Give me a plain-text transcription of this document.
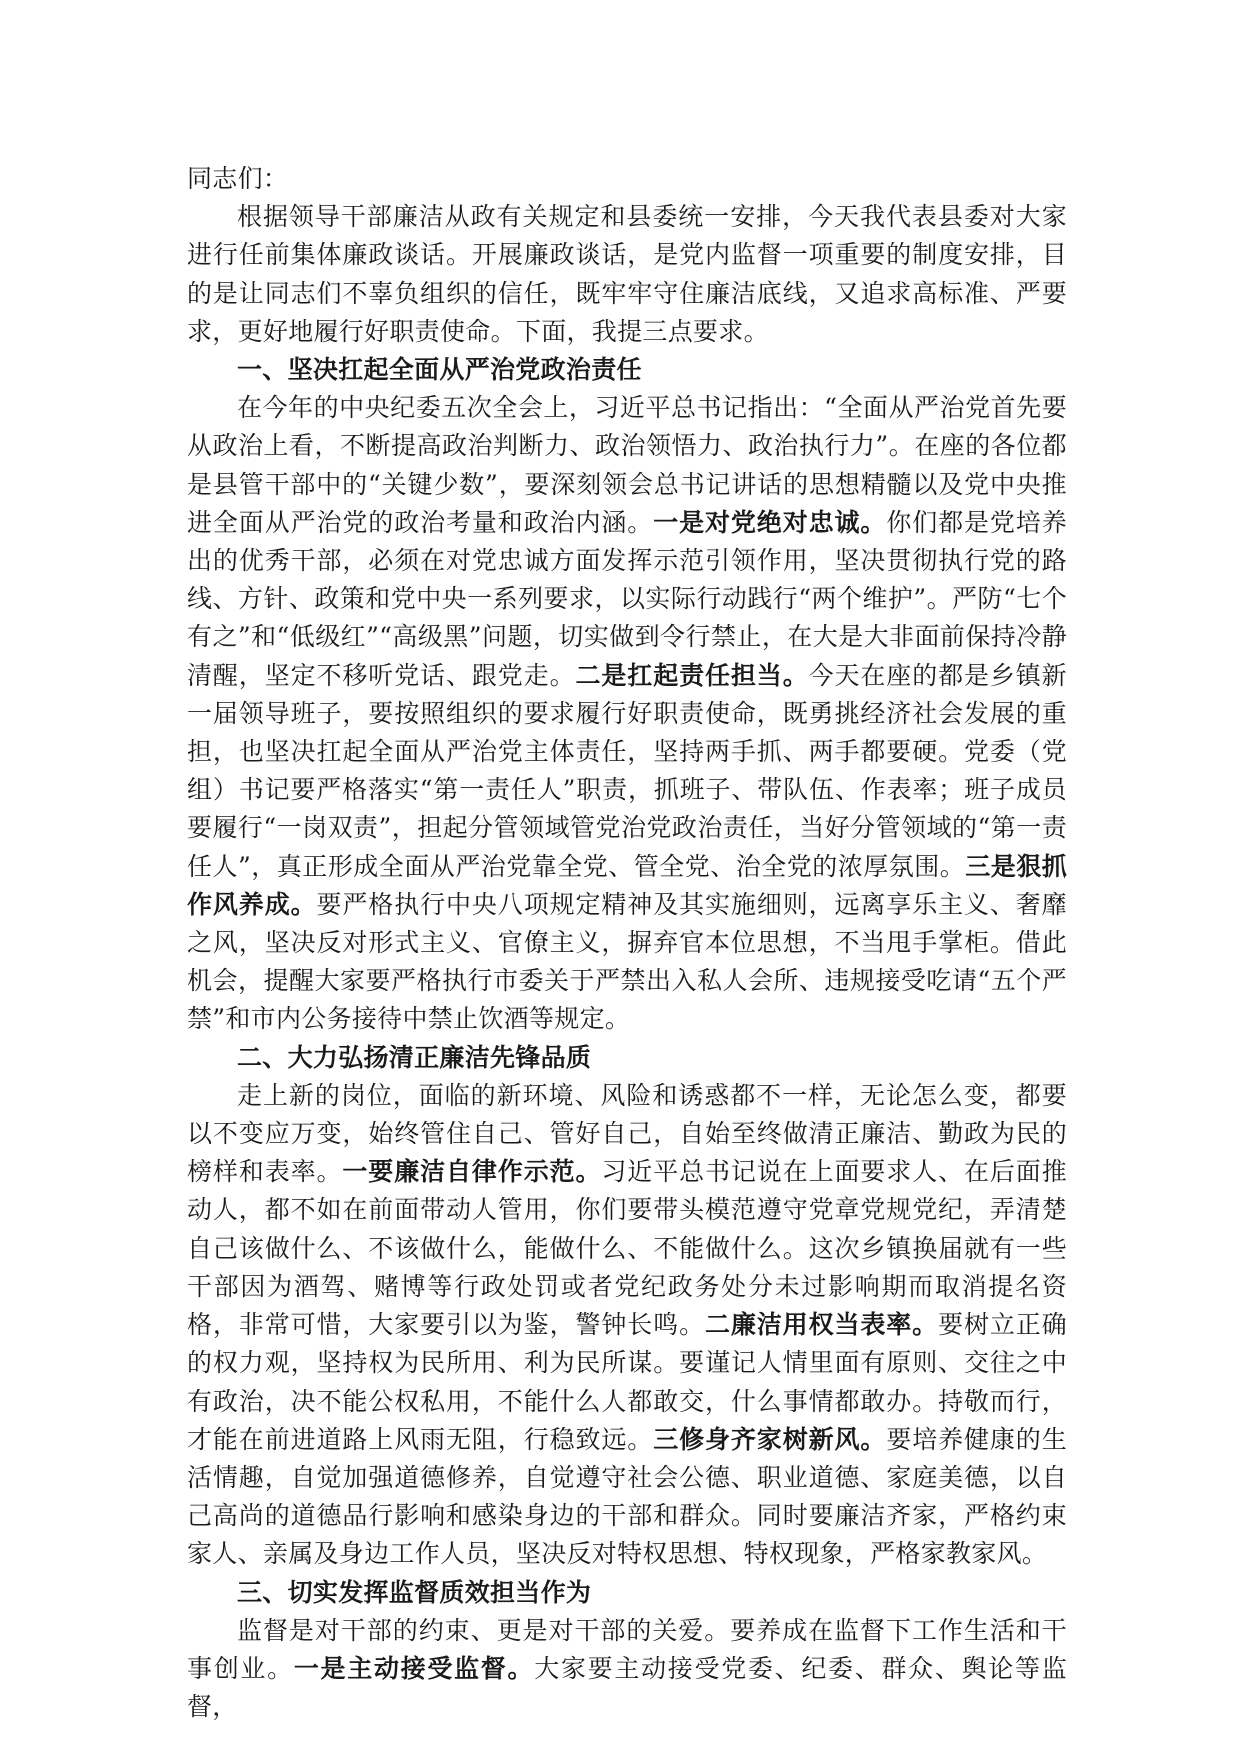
同志们：

根据领导干部廉洁从政有关规定和县委统一安排，今天我代表县委对大家进行任前集体廉政谈话。开展廉政谈话，是党内监督一项重要的制度安排，目的是让同志们不辜负组织的信任，既牢牢守住廉洁底线，又追求高标准、严要求，更好地履行好职责使命。下面，我提三点要求。

一、坚决扛起全面从严治党政治责任

在今年的中央纪委五次全会上，习近平总书记指出：“全面从严治党首先要从政治上看，不断提高政治判断力、政治领悟力、政治执行力”。在座的各位都是县管干部中的“关键少数”，要深刻领会总书记讲话的思想精髓以及党中央推进全面从严治党的政治考量和政治内涵。一是对党绝对忠诚。你们都是党培养出的优秀干部，必须在对党忠诚方面发挥示范引领作用，坚决贯彻执行党的路线、方针、政策和党中央一系列要求，以实际行动践行“两个维护”。严防“七个有之”和“低级红”“高级黑”问题，切实做到令行禁止，在大是大非面前保持冷静清醒，坚定不移听党话、跟党走。二是扛起责任担当。今天在座的都是乡镇新一届领导班子，要按照组织的要求履行好职责使命，既勇挑经济社会发展的重担，也坚决扛起全面从严治党主体责任，坚持两手抓、两手都要硬。党委（党组）书记要严格落实“第一责任人”职责，抓班子、带队伍、作表率；班子成员要履行“一岗双责”，担起分管领域管党治党政治责任，当好分管领域的“第一责任人”，真正形成全面从严治党靠全党、管全党、治全党的浓厚氛围。三是狠抓作风养成。要严格执行中央八项规定精神及其实施细则，远离享乐主义、奢靡之风，坚决反对形式主义、官僚主义，摒弃官本位思想，不当甩手掌柜。借此机会，提醒大家要严格执行市委关于严禁出入私人会所、违规接受吃请“五个严禁”和市内公务接待中禁止饮酒等规定。

二、大力弘扬清正廉洁先锋品质

走上新的岗位，面临的新环境、风险和诱惑都不一样，无论怎么变，都要以不变应万变，始终管住自己、管好自己，自始至终做清正廉洁、勤政为民的榜样和表率。一要廉洁自律作示范。习近平总书记说在上面要求人、在后面推动人，都不如在前面带动人管用，你们要带头模范遵守党章党规党纪，弄清楚自己该做什么、不该做什么，能做什么、不能做什么。这次乡镇换届就有一些干部因为酒驾、赌博等行政处罚或者党纪政务处分未过影响期而取消提名资格，非常可惜，大家要引以为鉴，警钟长鸣。二廉洁用权当表率。要树立正确的权力观，坚持权为民所用、利为民所谋。要谨记人情里面有原则、交往之中有政治，决不能公权私用，不能什么人都敢交，什么事情都敢办。持敬而行，才能在前进道路上风雨无阻，行稳致远。三修身齐家树新风。要培养健康的生活情趣，自觉加强道德修养，自觉遵守社会公德、职业道德、家庭美德，以自己高尚的道德品行影响和感染身边的干部和群众。同时要廉洁齐家，严格约束家人、亲属及身边工作人员，坚决反对特权思想、特权现象，严格家教家风。

三、切实发挥监督质效担当作为

监督是对干部的约束、更是对干部的关爱。要养成在监督下工作生活和干事创业。一是主动接受监督。大家要主动接受党委、纪委、群众、舆论等监督，
